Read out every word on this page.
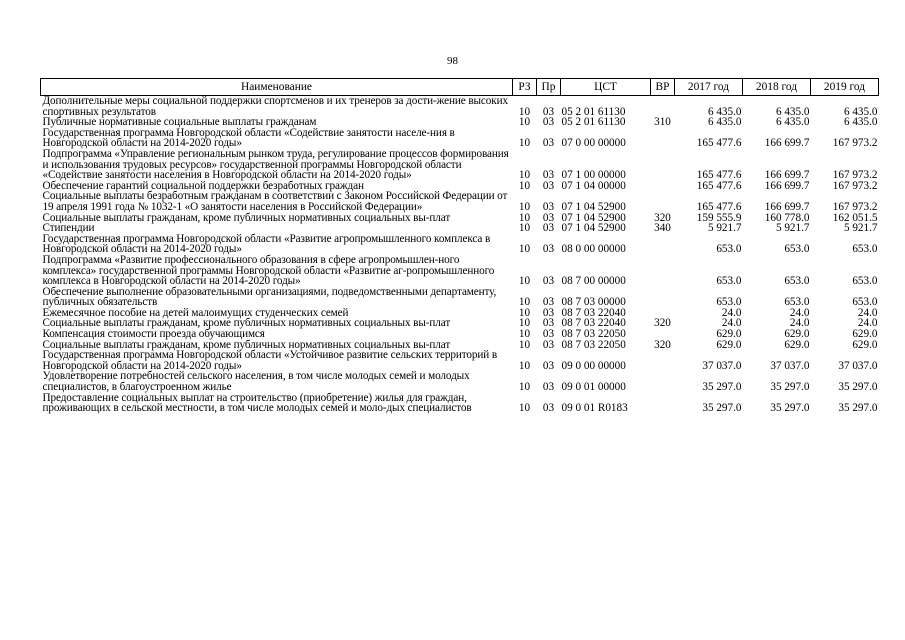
98
Наименование	РЗ	Пр	ЦСТ	ВР	2017 год	2018 год	2019 год
Дополнительные меры социальной поддержки спортсменов и их тренеров за дости-жение высоких спортивных результатов	10	03	05 2 01 61130		6 435.0	6 435.0	6 435.0
Публичные нормативные социальные выплаты гражданам	10	03	05 2 01 61130	310	6 435.0	6 435.0	6 435.0
Государственная программа Новгородской области «Содействие занятости населе-ния в Новгородской области на 2014-2020 годы»	10	03	07 0 00 00000		165 477.6	166 699.7	167 973.2
Подпрограмма «Управление региональным рынком труда, регулирование процессов формирования и использования трудовых ресурсов» государственной программы Новгородской области «Содействие занятости населения в Новгородской области на 2014-2020 годы»	10	03	07 1 00 00000		165 477.6	166 699.7	167 973.2
Обеспечение гарантий социальной поддержки безработных граждан	10	03	07 1 04 00000		165 477.6	166 699.7	167 973.2
Социальные выплаты безработным гражданам в соответствии с Законом Российской Федерации от 19 апреля 1991 года № 1032-1 «О занятости населения в Российской Федерации»	10	03	07 1 04 52900		165 477.6	166 699.7	167 973.2
Социальные выплаты гражданам, кроме публичных нормативных социальных вы-плат	10	03	07 1 04 52900	320	159 555.9	160 778.0	162 051.5
Стипендии	10	03	07 1 04 52900	340	5 921.7	5 921.7	5 921.7
Государственная программа Новгородской области «Развитие агропромышленного комплекса в Новгородской области на 2014-2020 годы»	10	03	08 0 00 00000		653.0	653.0	653.0
Подпрограмма «Развитие профессионального образования в сфере агропромышлен-ного комплекса» государственной программы Новгородской области «Развитие аг-ропромышленного комплекса в Новгородской области на 2014-2020 годы»	10	03	08 7 00 00000		653.0	653.0	653.0
Обеспечение выполнение образовательными организациями, подведомственными департаменту, публичных обязательств	10	03	08 7 03 00000		653.0	653.0	653.0
Ежемесячное пособие на детей малоимущих студенческих семей	10	03	08 7 03 22040		24.0	24.0	24.0
Социальные выплаты гражданам, кроме публичных нормативных социальных вы-плат	10	03	08 7 03 22040	320	24.0	24.0	24.0
Компенсация стоимости проезда обучающимся	10	03	08 7 03 22050		629.0	629.0	629.0
Социальные выплаты гражданам, кроме публичных нормативных социальных вы-плат	10	03	08 7 03 22050	320	629.0	629.0	629.0
Государственная программа Новгородской области «Устойчивое развитие сельских территорий в Новгородской области на 2014-2020 годы»	10	03	09 0 00 00000		37 037.0	37 037.0	37 037.0
Удовлетворение потребностей сельского населения, в том числе молодых семей и молодых специалистов, в благоустроенном жилье	10	03	09 0 01 00000		35 297.0	35 297.0	35 297.0
Предоставление социальных выплат на строительство (приобретение) жилья для граждан, проживающих в сельской местности, в том числе молодых семей и моло-дых специалистов	10	03	09 0 01 R0183		35 297.0	35 297.0	35 297.0
